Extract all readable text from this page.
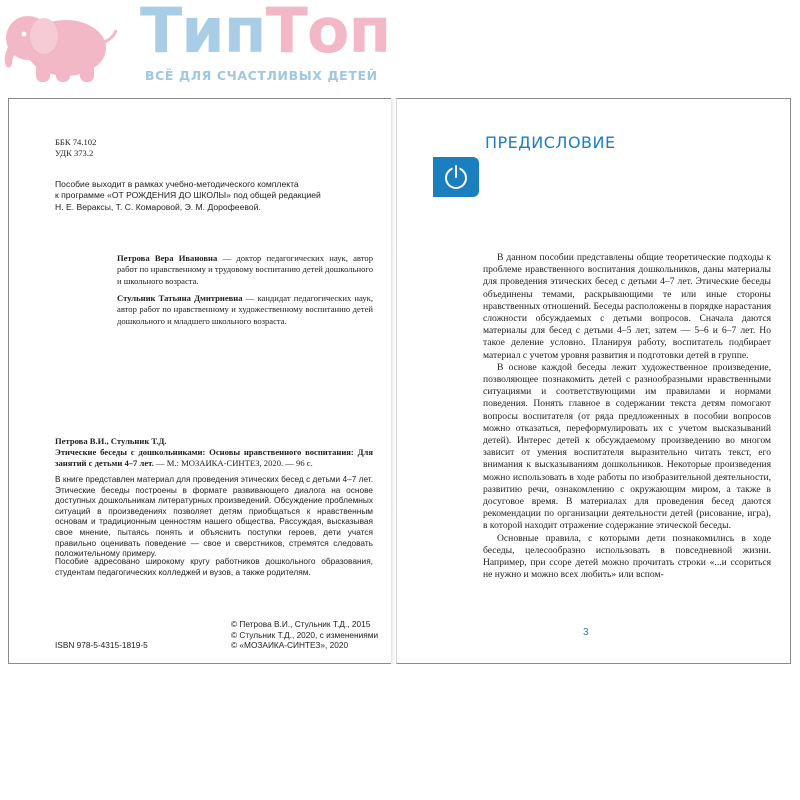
ТипТоп
ВСЁ ДЛЯ СЧАСТЛИВЫХ ДЕТЕЙ
ББК 74.102
УДК 373.2
Пособие выходит в рамках учебно-методического комплекта
к программе «ОТ РОЖДЕНИЯ ДО ШКОЛЫ» под общей редакцией
Н. Е. Вераксы, Т. С. Комаровой, Э. М. Дорофеевой.
Петрова Вера Ивановна — доктор педагогических наук, автор работ по нравственному и трудовому воспитанию детей дошкольного и школьного возраста.
Стульник Татьяна Дмитриевна — кандидат педагогических наук, автор работ по нравственному и художественному воспитанию детей дошкольного и младшего школьного возраста.
Петрова В.И., Стульник Т.Д.
Этические беседы с дошкольниками: Основы нравственного воспитания: Для занятий с детьми 4–7 лет. — М.: МОЗАИКА-СИНТЕЗ, 2020. — 96 с.
В книге представлен материал для проведения этических бесед с детьми 4–7 лет. Этические беседы построены в формате развивающего диалога на основе доступных дошкольникам литературных произведений. Обсуждение проблемных ситуаций в произведениях позволяет детям приобщаться к нравственным основам и традиционным ценностям нашего общества. Рассуждая, высказывая свое мнение, пытаясь понять и объяснить поступки героев, дети учатся правильно оценивать поведение — свое и сверстников, стремятся следовать положительному примеру.
Пособие адресовано широкому кругу работников дошкольного образования, студентам педагогических колледжей и вузов, а также родителям.
© Петрова В.И., Стульник Т.Д., 2015
© Стульник Т.Д., 2020, с изменениями
© «МОЗАИКА-СИНТЕЗ», 2020
ISBN 978-5-4315-1819-5
ПРЕДИСЛОВИЕ

В данном пособии представлены общие теоретические подходы к проблеме нравственного воспитания дошкольников, даны материалы для проведения этических бесед с детьми 4–7 лет. Этические беседы объединены темами, раскрывающими те или иные стороны нравственных отношений. Беседы расположены в порядке нарастания сложности обсуждаемых с детьми вопросов. Сначала даются материалы для бесед с детьми 4–5 лет, затем — 5–6 и 6–7 лет. Но такое деление условно. Планируя работу, воспитатель подбирает материал с учетом уровня развития и подготовки детей в группе.

В основе каждой беседы лежит художественное произведение, позволяющее познакомить детей с разнообразными нравственными ситуациями и соответствующими им правилами и нормами поведения. Понять главное в содержании текста детям помогают вопросы воспитателя (от ряда предложенных в пособии вопросов можно отказаться, переформулировать их с учетом высказываний детей). Интерес детей к обсуждаемому произведению во многом зависит от умения воспитателя выразительно читать текст, его внимания к высказываниям дошкольников. Некоторые произведения можно использовать в ходе работы по изобразительной деятельности, развитию речи, ознакомлению с окружающим миром, а также в досуговое время. В материалах для проведения бесед даются рекомендации по организации деятельности детей (рисование, игра), в которой находит отражение содержание этической беседы.

Основные правила, с которыми дети познакомились в ходе беседы, целесообразно использовать в повседневной жизни. Например, при ссоре детей можно прочитать строки «...и ссориться не нужно и можно всех любить» или вспом-

3
